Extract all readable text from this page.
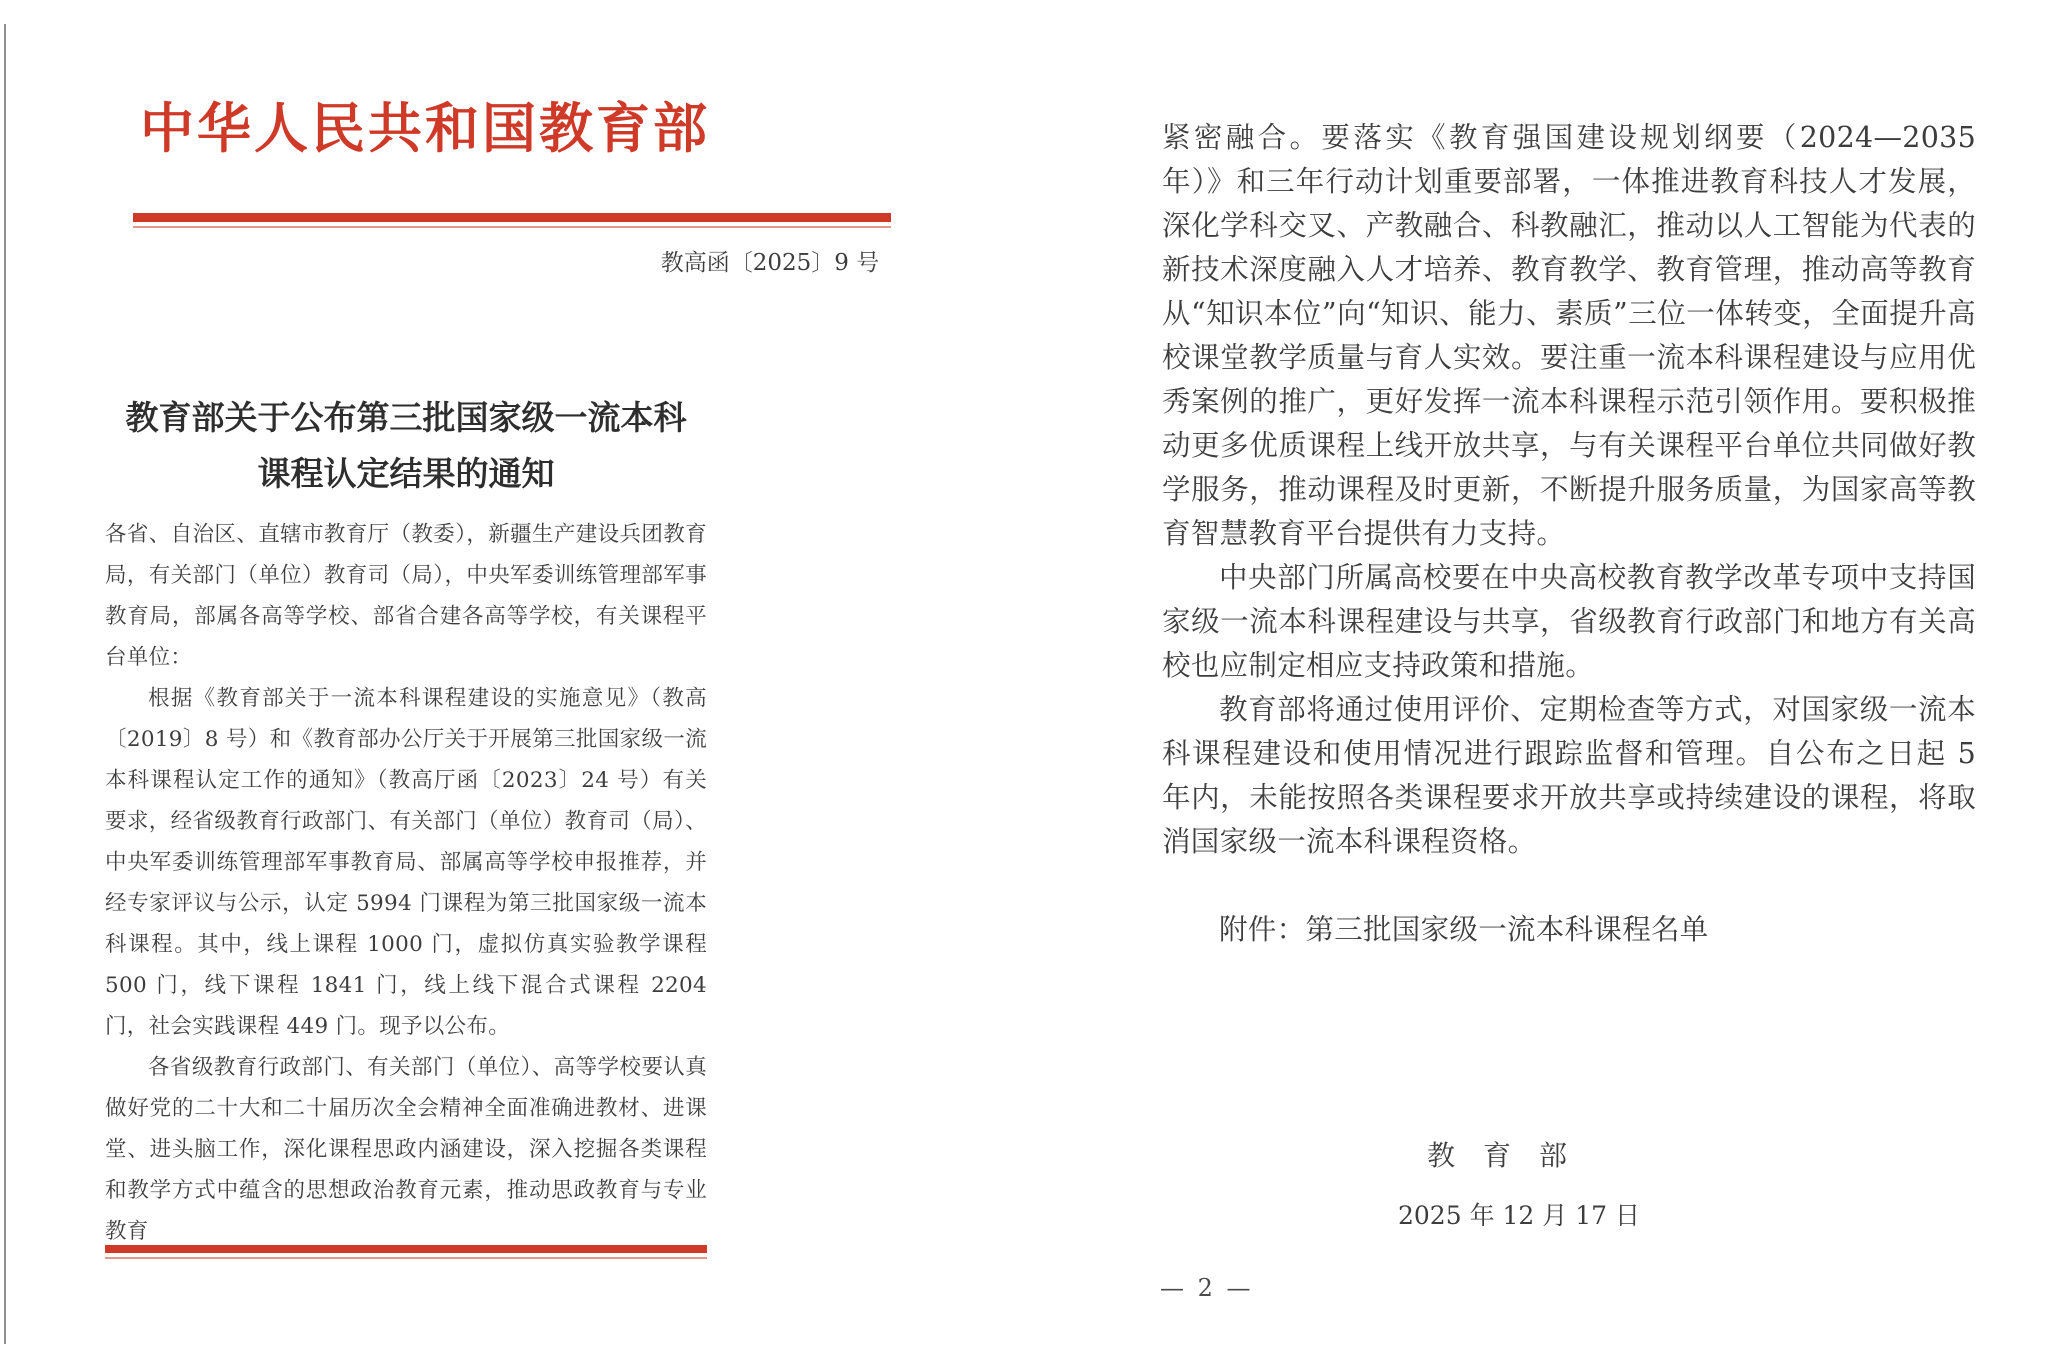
中华人民共和国教育部
教高函〔2025〕9 号
教育部关于公布第三批国家级一流本科
课程认定结果的通知

各省、自治区、直辖市教育厅（教委），新疆生产建设兵团教育局，有关部门（单位）教育司（局），中央军委训练管理部军事教育局，部属各高等学校、部省合建各高等学校，有关课程平台单位：

根据《教育部关于一流本科课程建设的实施意见》（教高〔2019〕8 号）和《教育部办公厅关于开展第三批国家级一流本科课程认定工作的通知》（教高厅函〔2023〕24 号）有关要求，经省级教育行政部门、有关部门（单位）教育司（局）、中央军委训练管理部军事教育局、部属高等学校申报推荐，并经专家评议与公示，认定 5994 门课程为第三批国家级一流本科课程。其中，线上课程 1000 门，虚拟仿真实验教学课程 500 门，线下课程 1841 门，线上线下混合式课程 2204 门，社会实践课程 449 门。现予以公布。

各省级教育行政部门、有关部门（单位）、高等学校要认真做好党的二十大和二十届历次全会精神全面准确进教材、进课堂、进头脑工作，深化课程思政内涵建设，深入挖掘各类课程和教学方式中蕴含的思想政治教育元素，推动思政教育与专业教育

紧密融合。要落实《教育强国建设规划纲要（2024—2035 年）》和三年行动计划重要部署，一体推进教育科技人才发展，深化学科交叉、产教融合、科教融汇，推动以人工智能为代表的新技术深度融入人才培养、教育教学、教育管理，推动高等教育从“知识本位”向“知识、能力、素质”三位一体转变，全面提升高校课堂教学质量与育人实效。要注重一流本科课程建设与应用优秀案例的推广，更好发挥一流本科课程示范引领作用。要积极推动更多优质课程上线开放共享，与有关课程平台单位共同做好教学服务，推动课程及时更新，不断提升服务质量，为国家高等教育智慧教育平台提供有力支持。

中央部门所属高校要在中央高校教育教学改革专项中支持国家级一流本科课程建设与共享，省级教育行政部门和地方有关高校也应制定相应支持政策和措施。

教育部将通过使用评价、定期检查等方式，对国家级一流本科课程建设和使用情况进行跟踪监督和管理。自公布之日起 5 年内，未能按照各类课程要求开放共享或持续建设的课程，将取消国家级一流本科课程资格。

附件：第三批国家级一流本科课程名单

教　育　部
2025 年 12 月 17 日
— 2 —
